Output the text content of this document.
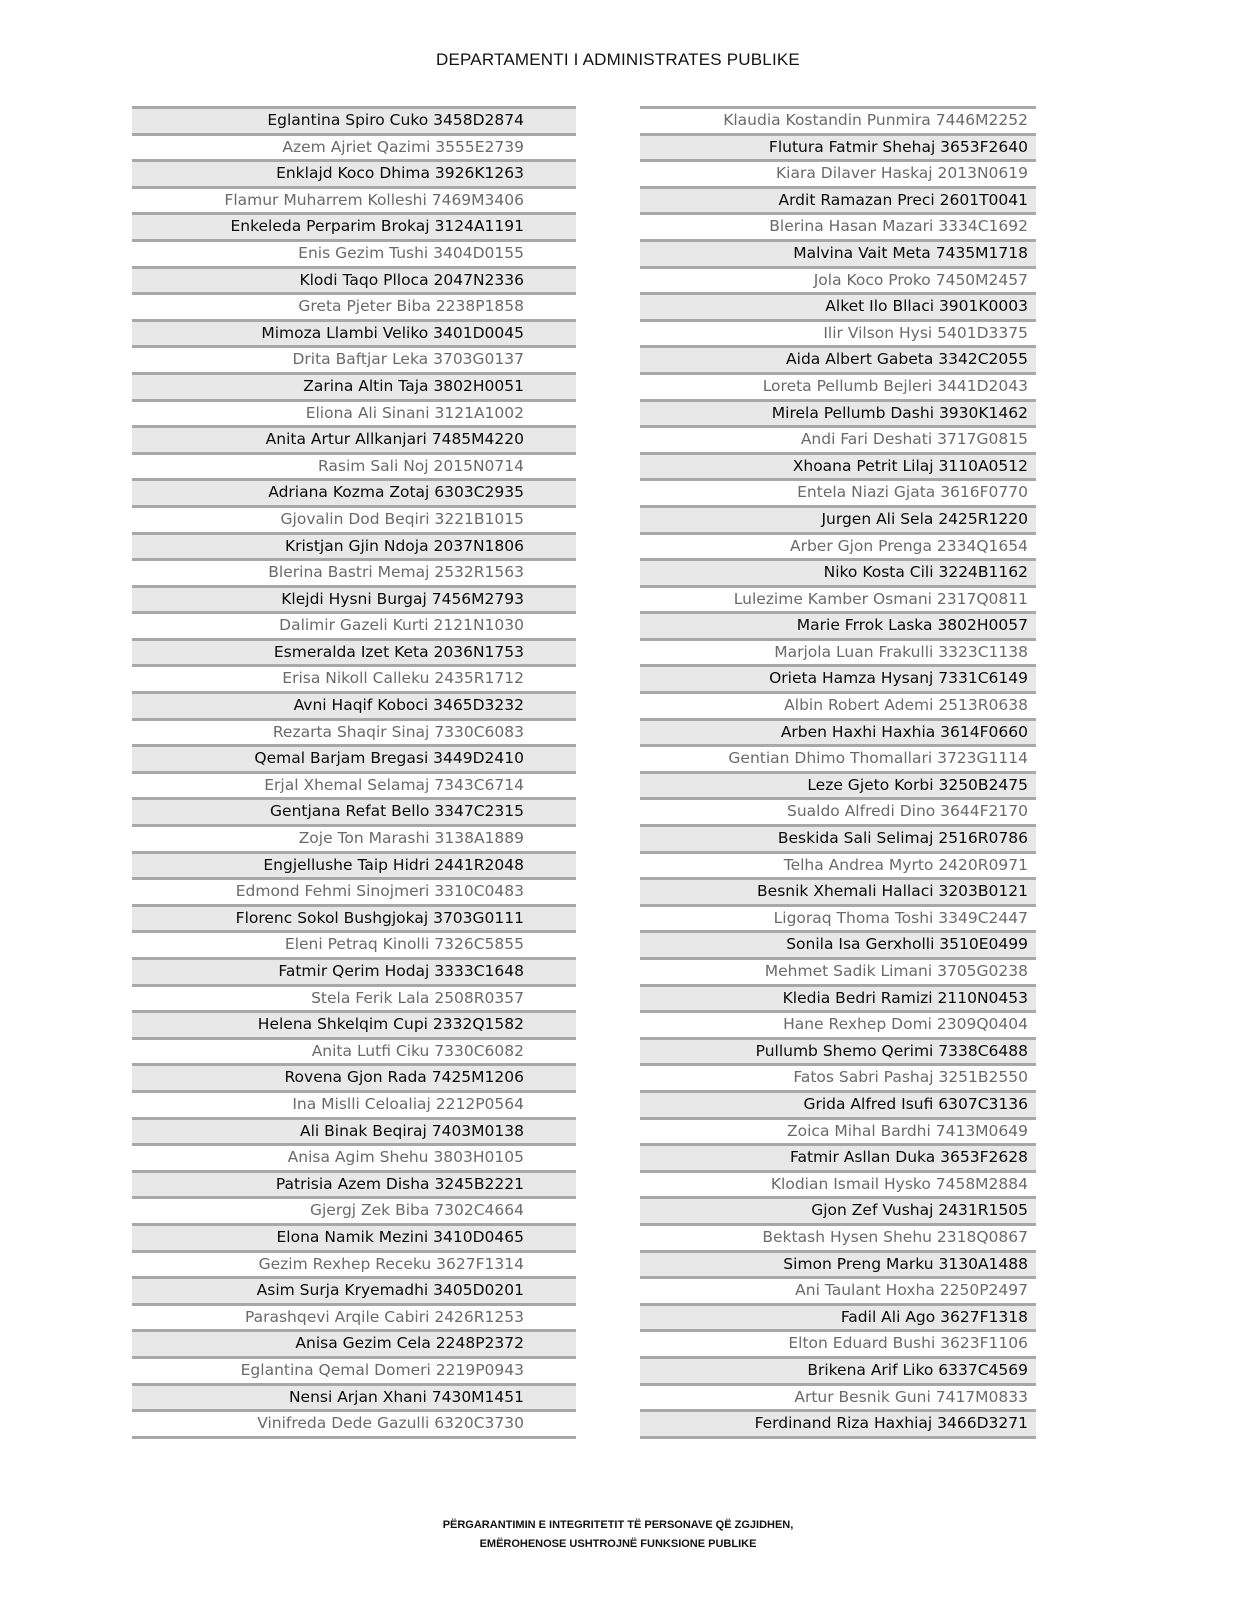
DEPARTAMENTI I ADMINISTRATES PUBLIKE
Eglantina Spiro Cuko 3458D2874
Azem Ajriet Qazimi 3555E2739
Enklajd Koco Dhima 3926K1263
Flamur Muharrem Kolleshi 7469M3406
Enkeleda Perparim Brokaj 3124A1191
Enis Gezim Tushi 3404D0155
Klodi Taqo Plloca 2047N2336
Greta Pjeter Biba 2238P1858
Mimoza Llambi Veliko 3401D0045
Drita Baftjar Leka 3703G0137
Zarina Altin Taja 3802H0051
Eliona Ali Sinani 3121A1002
Anita Artur Allkanjari 7485M4220
Rasim Sali Noj 2015N0714
Adriana Kozma Zotaj 6303C2935
Gjovalin Dod Beqiri 3221B1015
Kristjan Gjin Ndoja 2037N1806
Blerina Bastri Memaj 2532R1563
Klejdi Hysni Burgaj 7456M2793
Dalimir Gazeli Kurti 2121N1030
Esmeralda Izet Keta 2036N1753
Erisa Nikoll Calleku 2435R1712
Avni Haqif Koboci 3465D3232
Rezarta Shaqir Sinaj 7330C6083
Qemal Barjam Bregasi 3449D2410
Erjal Xhemal Selamaj 7343C6714
Gentjana Refat Bello 3347C2315
Zoje Ton Marashi 3138A1889
Engjellushe Taip Hidri 2441R2048
Edmond Fehmi Sinojmeri 3310C0483
Florenc Sokol Bushgjokaj 3703G0111
Eleni Petraq Kinolli 7326C5855
Fatmir Qerim Hodaj 3333C1648
Stela Ferik Lala 2508R0357
Helena Shkelqim Cupi 2332Q1582
Anita Lutfi Ciku 7330C6082
Rovena Gjon Rada 7425M1206
Ina Mislli Celoaliaj 2212P0564
Ali Binak Beqiraj 7403M0138
Anisa Agim Shehu 3803H0105
Patrisia Azem Disha 3245B2221
Gjergj Zek Biba 7302C4664
Elona Namik Mezini 3410D0465
Gezim Rexhep Receku 3627F1314
Asim Surja Kryemadhi 3405D0201
Parashqevi Arqile Cabiri 2426R1253
Anisa Gezim Cela 2248P2372
Eglantina Qemal Domeri 2219P0943
Nensi Arjan Xhani 7430M1451
Vinifreda Dede Gazulli 6320C3730
Klaudia Kostandin Punmira 7446M2252
Flutura Fatmir Shehaj 3653F2640
Kiara Dilaver Haskaj 2013N0619
Ardit Ramazan Preci 2601T0041
Blerina Hasan Mazari 3334C1692
Malvina Vait Meta 7435M1718
Jola Koco Proko 7450M2457
Alket Ilo Bllaci 3901K0003
Ilir Vilson Hysi 5401D3375
Aida Albert Gabeta 3342C2055
Loreta Pellumb Bejleri 3441D2043
Mirela Pellumb Dashi 3930K1462
Andi Fari Deshati 3717G0815
Xhoana Petrit Lilaj 3110A0512
Entela Niazi Gjata 3616F0770
Jurgen Ali Sela 2425R1220
Arber Gjon Prenga 2334Q1654
Niko Kosta Cili 3224B1162
Lulezime Kamber Osmani 2317Q0811
Marie Frrok Laska 3802H0057
Marjola Luan Frakulli 3323C1138
Orieta Hamza Hysanj 7331C6149
Albin Robert Ademi 2513R0638
Arben Haxhi Haxhia 3614F0660
Gentian Dhimo Thomallari 3723G1114
Leze Gjeto Korbi 3250B2475
Sualdo Alfredi Dino 3644F2170
Beskida Sali Selimaj 2516R0786
Telha Andrea Myrto 2420R0971
Besnik Xhemali Hallaci 3203B0121
Ligoraq Thoma Toshi 3349C2447
Sonila Isa Gerxholli 3510E0499
Mehmet Sadik Limani 3705G0238
Kledia Bedri Ramizi 2110N0453
Hane Rexhep Domi 2309Q0404
Pullumb Shemo Qerimi 7338C6488
Fatos Sabri Pashaj 3251B2550
Grida Alfred Isufi 6307C3136
Zoica Mihal Bardhi 7413M0649
Fatmir Asllan Duka 3653F2628
Klodian Ismail Hysko 7458M2884
Gjon Zef Vushaj 2431R1505
Bektash Hysen Shehu 2318Q0867
Simon Preng Marku 3130A1488
Ani Taulant Hoxha 2250P2497
Fadil Ali Ago 3627F1318
Elton Eduard Bushi 3623F1106
Brikena Arif Liko 6337C4569
Artur Besnik Guni 7417M0833
Ferdinand Riza Haxhiaj 3466D3271
PËRGARANTIMIN E INTEGRITETIT TË PERSONAVE QË ZGJIDHEN,
EMËROHENOSE USHTROJNË FUNKSIONE PUBLIKE
